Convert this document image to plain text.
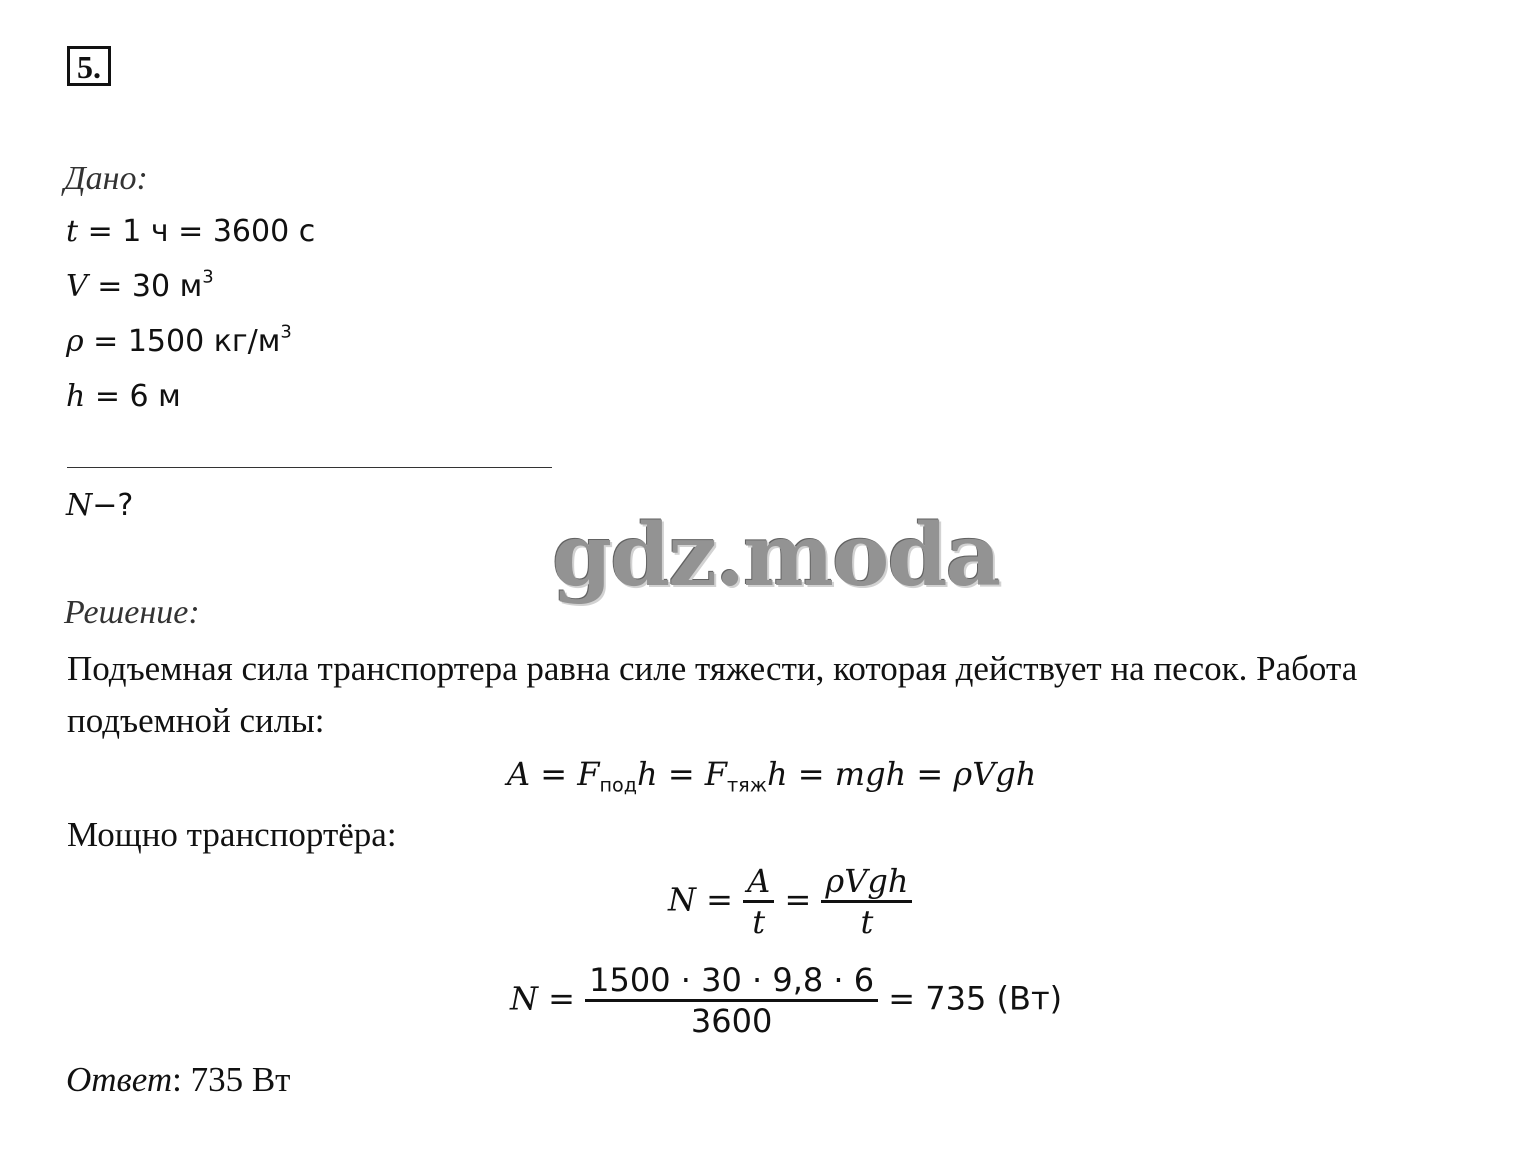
5.
Дано:
t = 1 ч = 3600 с
V = 30 $м^3$
ρ = 1500 $кг/м^3$
h = 6 м
N−?	gdz.moda
Решение:
Подъемная сила транспортера равна силе тяжести, которая действует на песок. Работа подъемной силы:
$A = F_{под}h = F_{тяж}h$ = mgh = ρVgh
Мощно транспортёра:
$N = \frac{A}{t} = \frac{\text{ρVgh}}{t}$
$N = \frac{1500 \cdot 30 \cdot 9,8 \cdot 6}{3600} = 735$ (Вт)
Ответ: 735 Вт
